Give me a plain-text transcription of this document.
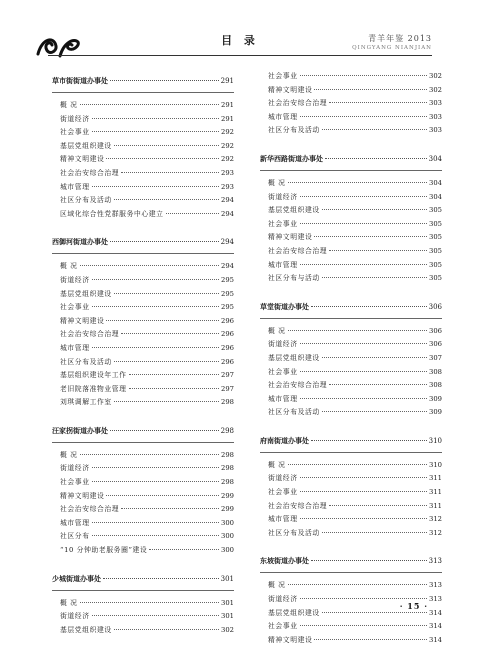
目 录	青羊年鉴 2013
QINGYANG NIANJIAN
草市街街道办事处	291
概 况	291
街道经济	291
社会事业	292
基层党组织建设	292
精神文明建设	292
社会治安综合治理	293
城市管理	293
社区分布及活动	294
区域化综合性党群服务中心建立	294
西御河街道办事处	294
概 况	294
街道经济	295
基层党组织建设	295
社会事业	295
精神文明建设	296
社会治安综合治理	296
城市管理	296
社区分布及活动	296
基层组织建设年工作	297
老旧院落准物业管理	297
刘琪调解工作室	298
汪家拐街道办事处	298
概 况	298
街道经济	298
社会事业	298
精神文明建设	299
社会治安综合治理	299
城市管理	300
社区分布	300
“10 分钟助老服务圈”建设	300
少城街道办事处	301
概 况	301
街道经济	301
基层党组织建设	302
社会事业	302
精神文明建设	302
社会治安综合治理	303
城市管理	303
社区分布及活动	303
新华西路街道办事处	304
概 况	304
街道经济	304
基层党组织建设	305
社会事业	305
精神文明建设	305
社会治安综合治理	305
城市管理	305
社区分布与活动	305
草堂街道办事处	306
概 况	306
街道经济	306
基层党组织建设	307
社会事业	308
社会治安综合治理	308
城市管理	309
社区分布及活动	309
府南街道办事处	310
概 况	310
街道经济	311
社会事业	311
社会治安综合治理	311
城市管理	312
社区分布及活动	312
东坡街道办事处	313
概 况	313
街道经济	313
基层党组织建设	314
社会事业	314
精神文明建设	314
· 15 ·
